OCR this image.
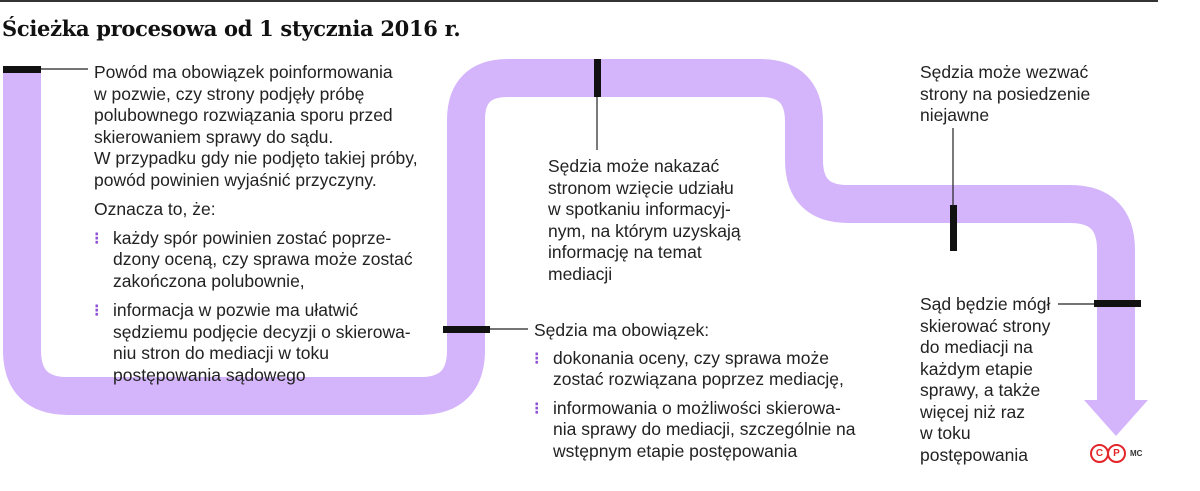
Ścieżka procesowa od 1 stycznia 2016 r.

Powód ma obowiązek poinformowania

w pozwie, czy strony podjęły próbę

polubownego rozwiązania sporu przed

skierowaniem sprawy do sądu.

W przypadku gdy nie podjęto takiej próby,

powód powinien wyjaśnić przyczyny.

Oznacza to, że:

⁝ każdy spór powinien zostać poprze-

dzony oceną, czy sprawa może zostać

zakończona polubownie,

⁝ informacja w pozwie ma ułatwić

sędziemu podjęcie decyzji o skierowa-

niu stron do mediacji w toku

postępowania sądowego

Sędzia może nakazać

stronom wzięcie udziału

w spotkaniu informacyj-

nym, na którym uzyskają

informację na temat

mediacji

Sędzia ma obowiązek:

⁝ dokonania oceny, czy sprawa może

zostać rozwiązana poprzez mediację,

⁝ informowania o możliwości skierowa-

nia sprawy do mediacji, szczególnie na

wstępnym etapie postępowania

Sędzia może wezwać

strony na posiedzenie

niejawne

Sąd będzie mógł

skierować strony

do mediacji na

każdym etapie

sprawy, a także

więcej niż raz

w toku

postępowania	C	P	MC
